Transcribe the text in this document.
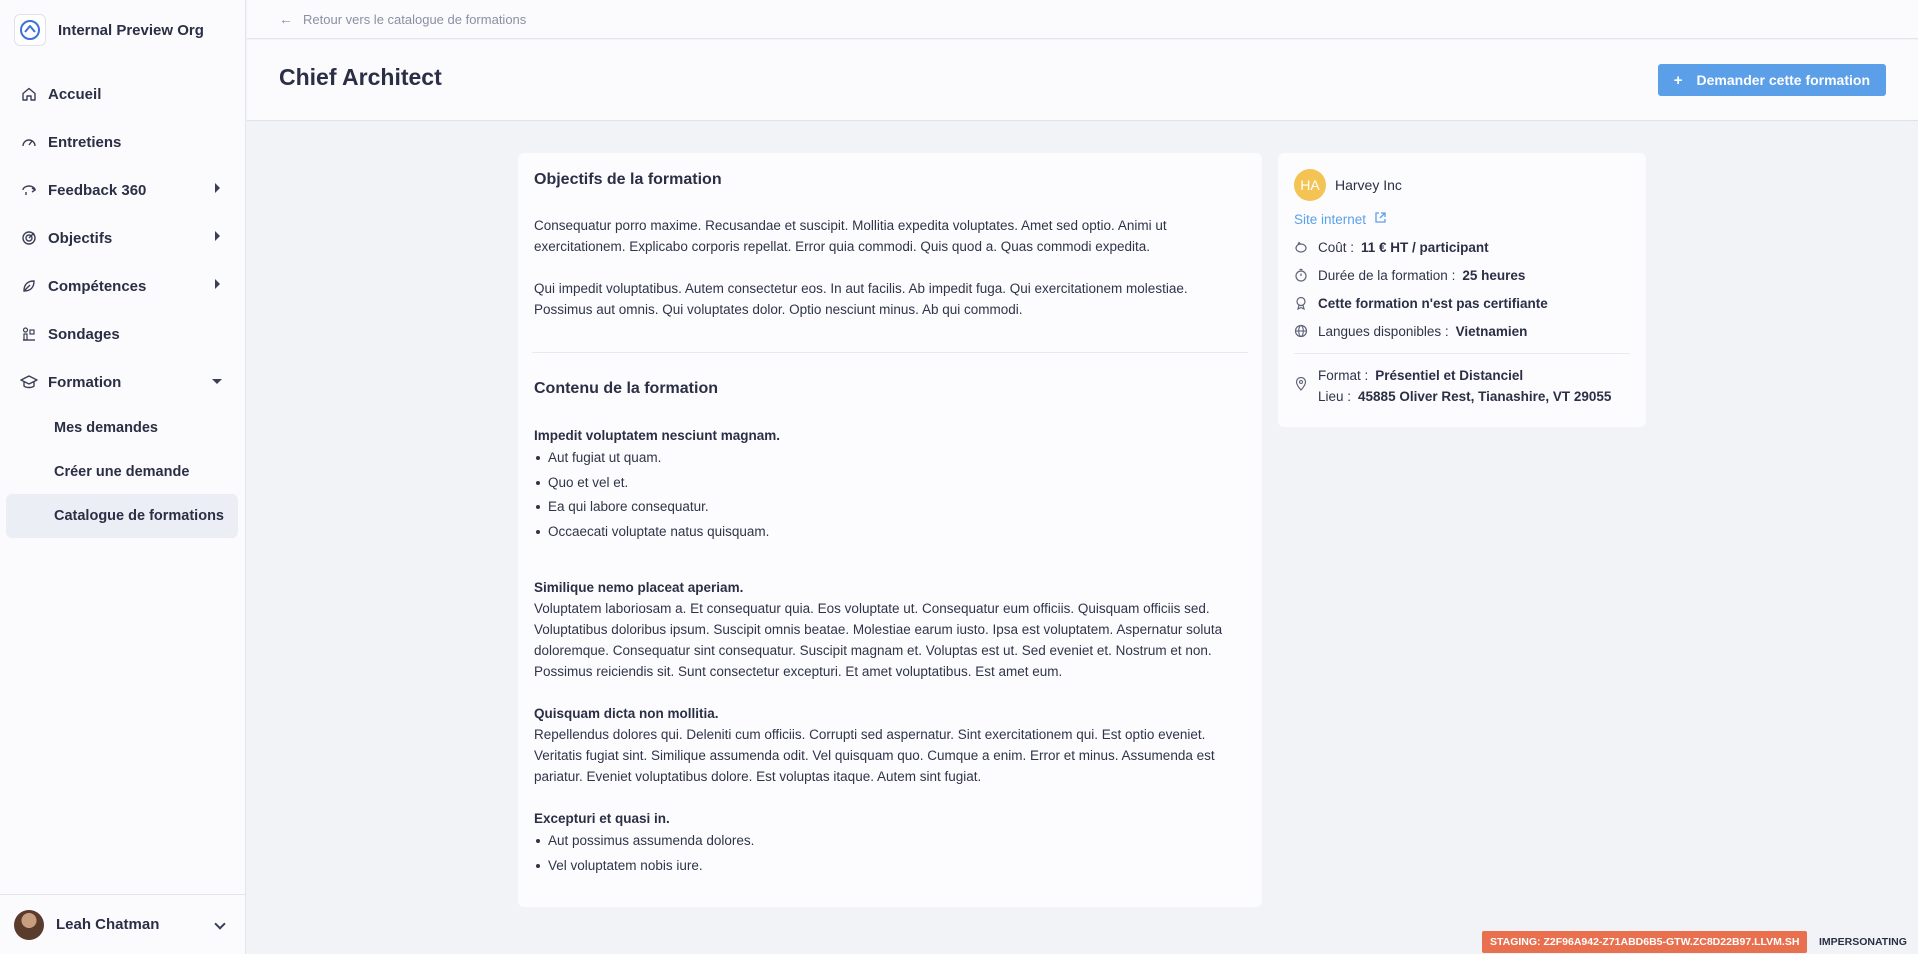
Internal Preview Org
Accueil
Entretiens
Feedback 360
Objectifs
Compétences
Sondages
Formation
Mes demandes
Créer une demande
Catalogue de formations
Leah Chatman
← Retour vers le catalogue de formations
Chief Architect	+ Demander cette formation
Objectifs de la formation

Consequatur porro maxime. Recusandae et suscipit. Mollitia expedita voluptates. Amet sed optio. Animi ut exercitationem. Explicabo corporis repellat. Error quia commodi. Quis quod a. Quas commodi expedita.

Qui impedit voluptatibus. Autem consectetur eos. In aut facilis. Ab impedit fuga. Qui exercitationem molestiae. Possimus aut omnis. Qui voluptates dolor. Optio nesciunt minus. Ab qui commodi.

Contenu de la formation
Impedit voluptatem nesciunt magnam.
Aut fugiat ut quam.
Quo et vel et.
Ea qui labore consequatur.
Occaecati voluptate natus quisquam.
Similique nemo placeat aperiam.

Voluptatem laboriosam a. Et consequatur quia. Eos voluptate ut. Consequatur eum officiis. Quisquam officiis sed. Voluptatibus doloribus ipsum. Suscipit omnis beatae. Molestiae earum iusto. Ipsa est voluptatem. Aspernatur soluta doloremque. Consequatur sint consequatur. Suscipit magnam et. Voluptas est ut. Sed eveniet et. Nostrum et non. Possimus reiciendis sit. Sunt consectetur excepturi. Et amet voluptatibus. Est amet eum.

Quisquam dicta non mollitia.

Repellendus dolores qui. Deleniti cum officiis. Corrupti sed aspernatur. Sint exercitationem qui. Est optio eveniet. Veritatis fugiat sint. Similique assumenda odit. Vel quisquam quo. Cumque a enim. Error et minus. Assumenda est pariatur. Eveniet voluptatibus dolore. Est voluptas itaque. Autem sint fugiat.

Excepturi et quasi in.
Aut possimus assumenda dolores.
Vel voluptatem nobis iure.
HA	Harvey Inc
Site internet
Coût : 11 € HT / participant
Durée de la formation : 25 heures
Cette formation n'est pas certifiante
Langues disponibles : Vietnamien
Format : Présentiel et Distanciel
Lieu : 45885 Oliver Rest, Tianashire, VT 29055
STAGING: Z2F96A942-Z71ABD6B5-GTW.ZC8D22B97.LLVM.SH	IMPERSONATING
